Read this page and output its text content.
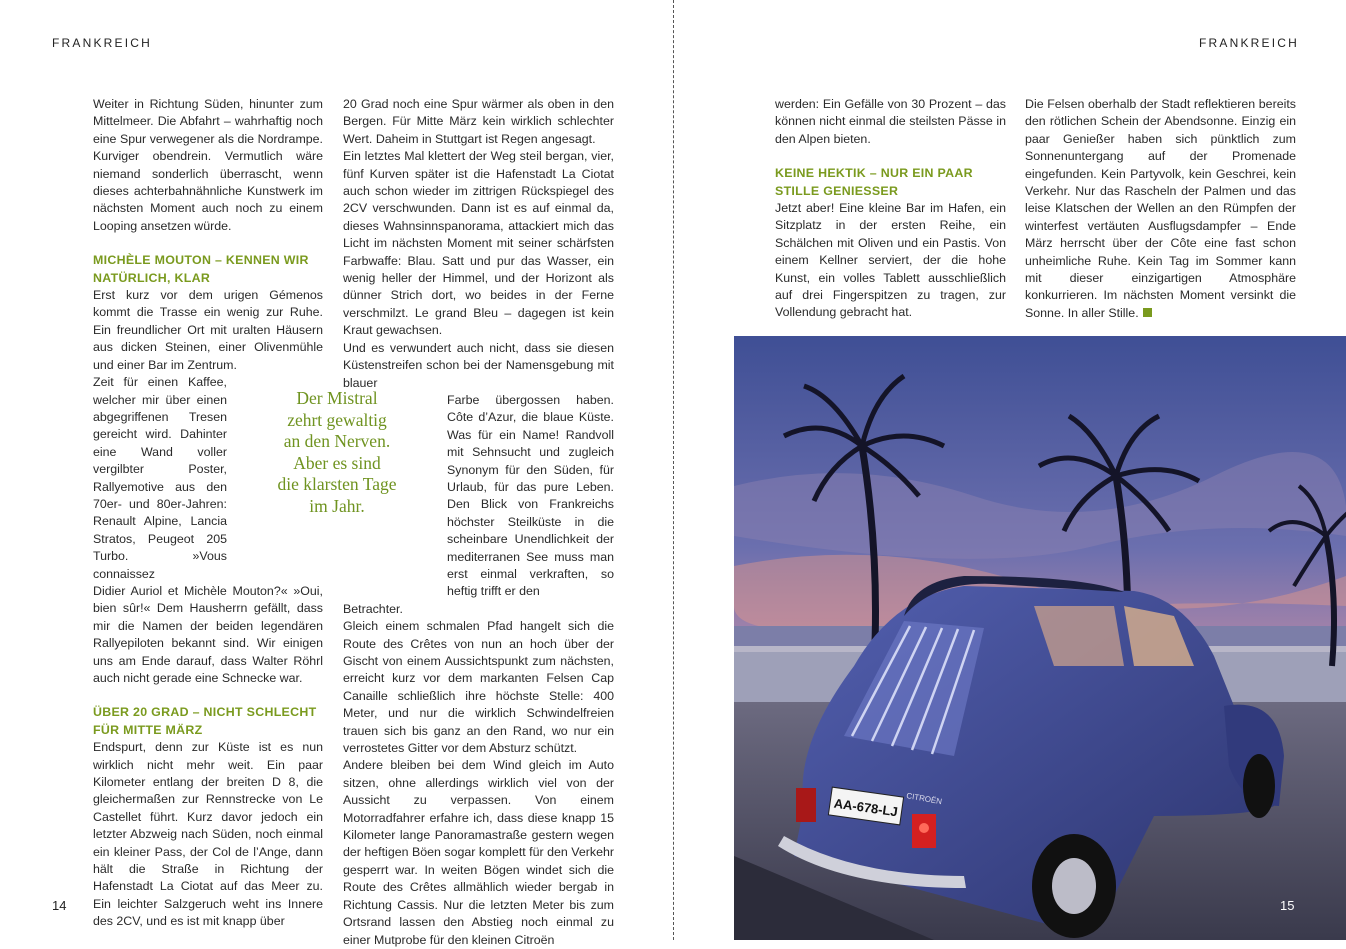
FRANKREICH

Weiter in Richtung Süden, hinunter zum Mittelmeer. Die Abfahrt – wahrhaftig noch eine Spur verwegener als die Nordrampe. Kurviger obendrein. Vermutlich wäre niemand sonderlich überrascht, wenn dieses achterbahnähnliche Kunstwerk im nächsten Moment auch noch zu einem Looping ansetzen würde.

MICHÈLE MOUTON – KENNEN WIR NATÜRLICH, KLAR

Erst kurz vor dem urigen Gémenos kommt die Trasse ein wenig zur Ruhe. Ein freundlicher Ort mit uralten Häusern aus dicken Steinen, einer Olivenmühle und einer Bar im Zentrum.

Zeit für einen Kaffee, welcher mir über einen abgegriffenen Tresen gereicht wird. Dahinter eine Wand voller vergilbter Poster, Rallyemotive aus den 70er- und 80er-Jahren: Renault Alpine, Lancia Stratos, Peugeot 205 Turbo. »Vous connaissez

Didier Auriol et Michèle Mouton?« »Oui, bien sûr!« Dem Hausherrn gefällt, dass mir die Namen der beiden legendären Rallyepiloten bekannt sind. Wir einigen uns am Ende darauf, dass Walter Röhrl auch nicht gerade eine Schnecke war.

ÜBER 20 GRAD – NICHT SCHLECHT FÜR MITTE MÄRZ

Endspurt, denn zur Küste ist es nun wirklich nicht mehr weit. Ein paar Kilometer entlang der breiten D 8, die gleichermaßen zur Rennstrecke von Le Castellet führt. Kurz davor jedoch ein letzter Abzweig nach Süden, noch einmal ein kleiner Pass, der Col de l’Ange, dann hält die Straße in Richtung der Hafenstadt La Ciotat auf das Meer zu. Ein leichter Salzgeruch weht ins Innere des 2CV, und es ist mit knapp über

20 Grad noch eine Spur wärmer als oben in den Bergen. Für Mitte März kein wirklich schlechter Wert. Daheim in Stuttgart ist Regen angesagt.

Ein letztes Mal klettert der Weg steil bergan, vier, fünf Kurven später ist die Hafenstadt La Ciotat auch schon wieder im zittrigen Rückspiegel des 2CV verschwunden. Dann ist es auf einmal da, dieses Wahnsinnspanorama, attackiert mich das Licht im nächsten Moment mit seiner schärfsten Farbwaffe: Blau. Satt und pur das Wasser, ein wenig heller der Himmel, und der Horizont als dünner Strich dort, wo beides in der Ferne verschmilzt. Le grand Bleu – dagegen ist kein Kraut gewachsen.

Und es verwundert auch nicht, dass sie diesen Küstenstreifen schon bei der Namensgebung mit blauer

Farbe übergossen haben. Côte d’Azur, die blaue Küste. Was für ein Name! Randvoll mit Sehnsucht und zugleich Synonym für den Süden, für Urlaub, für das pure Leben. Den Blick von Frankreichs höchster Steilküste in die scheinbare Unendlichkeit der mediterranen See muss man erst einmal verkraften, so heftig trifft er den

Betrachter.

Gleich einem schmalen Pfad hangelt sich die Route des Crêtes von nun an hoch über der Gischt von einem Aussichtspunkt zum nächsten, erreicht kurz vor dem markanten Felsen Cap Canaille schließlich ihre höchste Stelle: 400 Meter, und nur die wirklich Schwindelfreien trauen sich bis ganz an den Rand, wo nur ein verrostetes Gitter vor dem Absturz schützt.

Andere bleiben bei dem Wind gleich im Auto sitzen, ohne allerdings wirklich viel von der Aussicht zu verpassen. Von einem Motorradfahrer erfahre ich, dass diese knapp 15 Kilometer lange Panoramastraße gestern wegen der heftigen Böen sogar komplett für den Verkehr gesperrt war. In weiten Bögen windet sich die Route des Crêtes allmählich wieder bergab in Richtung Cassis. Nur die letzten Meter bis zum Ortsrand lassen den Abstieg noch einmal zu einer Mutprobe für den kleinen Citroën

Der Mistral
zehrt gewaltig
an den Nerven.
Aber es sind
die klarsten Tage
im Jahr.
14
FRANKREICH

werden: Ein Gefälle von 30 Prozent – das können nicht einmal die steilsten Pässe in den Alpen bieten.

KEINE HEKTIK – NUR EIN PAAR STILLE GENIESSER

Jetzt aber! Eine kleine Bar im Hafen, ein Sitzplatz in der ersten Reihe, ein Schälchen mit Oliven und ein Pastis. Von einem Kellner serviert, der die hohe Kunst, ein volles Tablett ausschließlich auf drei Fingerspitzen zu tragen, zur Vollendung gebracht hat.

Die Felsen oberhalb der Stadt reflektieren bereits den rötlichen Schein der Abendsonne. Einzig ein paar Genießer haben sich pünktlich zum Sonnenuntergang auf der Promenade eingefunden. Kein Partyvolk, kein Geschrei, kein Verkehr. Nur das Rascheln der Palmen und das leise Klatschen der Wellen an den Rümpfen der winterfest vertäuten Ausflugsdampfer – Ende März herrscht über der Côte eine fast schon unheimliche Ruhe. Kein Tag im Sommer kann mit dieser einzigartigen Atmosphäre konkurrieren. Im nächsten Moment versinkt die Sonne. In aller Stille.

AA-678-LJ CITROËN
15
